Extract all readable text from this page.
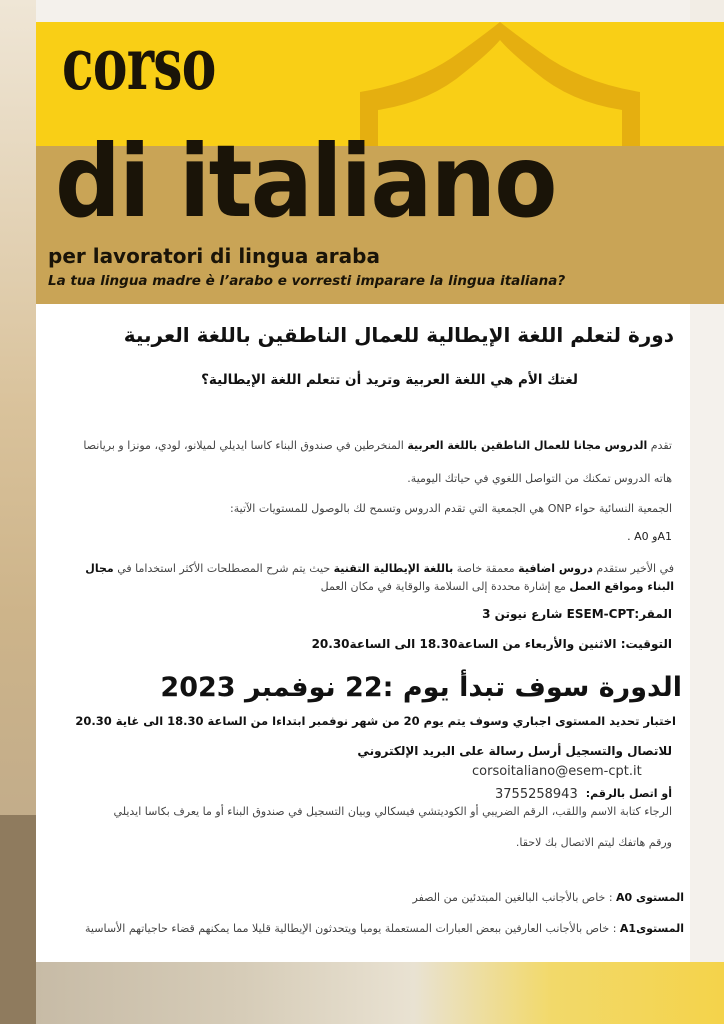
corso
di italiano
per lavoratori di lingua araba
La tua lingua madre è l’arabo e vorresti imparare la lingua italiana?
دورة لتعلم اللغة الإيطالية للعمال الناطقين باللغة العربية
لغتك الأم هي اللغة العربية وتريد أن تتعلم اللغة الإيطالية؟
تقدم الدروس مجانا للعمال الناطقين باللغة العربية المنخرطين في صندوق البناء كاسا ايديلي لميلانو، لودي، مونزا و بريانصا
هاته الدروس تمكنك من التواصل اللغوي في حياتك اليومية.
الجمعية النسائية حواء ONP هي الجمعية التي تقدم الدروس وتسمح لك بالوصول للمستويات الآتية:
A1و A0 .
في الأخير ستقدم دروس اضافية معمقة خاصة باللغة الإيطالية التقنية حيث يتم شرح المصطلحات الأكثر استخداما في مجال البناء ومواقع العمل مع إشارة محددة إلى السلامة والوقاية في مكان العمل
المقر:ESEM-CPT شارع نيوتن 3
التوقيت: الاثنين والأربعاء من الساعة18.30 الى الساعة20.30
الدورة سوف تبدأ يوم :22 نوفمبر 2023
اختبار تحديد المستوى اجباري وسوف يتم يوم 20 من شهر نوفمبر ابتداءا من الساعة 18.30 الى غاية 20.30
للاتصال والتسجيل أرسل رسالة على البريد الإلكتروني
corsoitaliano@esem-cpt.it
أو اتصل بالرقم:
3755258943
الرجاء كتابة الاسم واللقب، الرقم الضريبي أو الكوديتشي فيسكالي وبيان التسجيل في صندوق البناء أو ما يعرف بكاسا ايديلي
ورقم هاتفك ليتم الاتصال بك لاحقا.
المستوى A0 : خاص بالأجانب البالغين المبتدئين من الصفر
المستوىA1 : خاص بالأجانب العارفين ببعض العبارات المستعملة يوميا ويتحدثون الإيطالية قليلا مما يمكنهم قضاء حاجياتهم الأساسية
